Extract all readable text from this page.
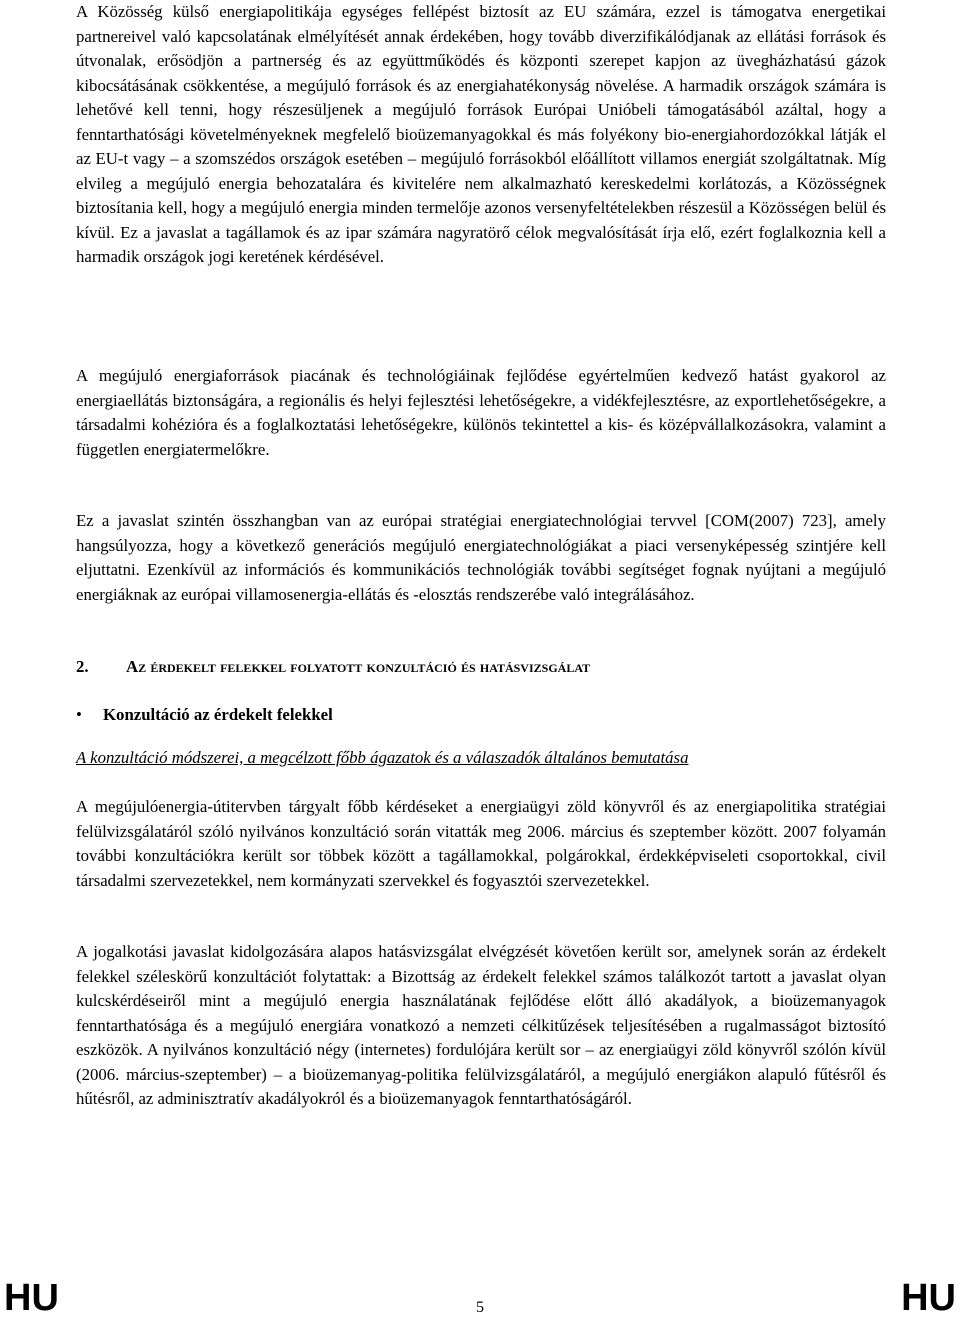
A Közösség külső energiapolitikája egységes fellépést biztosít az EU számára, ezzel is támogatva energetikai partnereivel való kapcsolatának elmélyítését annak érdekében, hogy tovább diverzifikálódjanak az ellátási források és útvonalak, erősödjön a partnerség és az együttműködés és központi szerepet kapjon az üvegházhatású gázok kibocsátásának csökkentése, a megújuló források és az energiahatékonyság növelése. A harmadik országok számára is lehetővé kell tenni, hogy részesüljenek a megújuló források Európai Unióbeli támogatásából azáltal, hogy a fenntarthatósági követelményeknek megfelelő bioüzemanyagokkal és más folyékony bio-energiahordozókkal látják el az EU-t vagy – a szomszédos országok esetében – megújuló forrásokból előállított villamos energiát szolgáltatnak. Míg elvileg a megújuló energia behozatalára és kivitelére nem alkalmazható kereskedelmi korlátozás, a Közösségnek biztosítania kell, hogy a megújuló energia minden termelője azonos versenyfeltételekben részesül a Közösségen belül és kívül. Ez a javaslat a tagállamok és az ipar számára nagyratörő célok megvalósítását írja elő, ezért foglalkoznia kell a harmadik országok jogi keretének kérdésével.

A megújuló energiaforrások piacának és technológiáinak fejlődése egyértelműen kedvező hatást gyakorol az energiaellátás biztonságára, a regionális és helyi fejlesztési lehetőségekre, a vidékfejlesztésre, az exportlehetőségekre, a társadalmi kohézióra és a foglalkoztatási lehetőségekre, különös tekintettel a kis- és középvállalkozásokra, valamint a független energiatermelőkre.

Ez a javaslat szintén összhangban van az európai stratégiai energiatechnológiai tervvel [COM(2007) 723], amely hangsúlyozza, hogy a következő generációs megújuló energiatechnológiákat a piaci versenyképesség szintjére kell eljuttatni. Ezenkívül az információs és kommunikációs technológiák további segítséget fognak nyújtani a megújuló energiáknak az európai villamosenergia-ellátás és -elosztás rendszerébe való integrálásához.

2. Az érdekelt felekkel folyatott konzultáció és hatásvizsgálat
• Konzultáció az érdekelt felekkel
A konzultáció módszerei, a megcélzott főbb ágazatok és a válaszadók általános bemutatása

A megújulóenergia-útitervben tárgyalt főbb kérdéseket a energiaügyi zöld könyvről és az energiapolitika stratégiai felülvizsgálatáról szóló nyilvános konzultáció során vitatták meg 2006. március és szeptember között. 2007 folyamán további konzultációkra került sor többek között a tagállamokkal, polgárokkal, érdekképviseleti csoportokkal, civil társadalmi szervezetekkel, nem kormányzati szervekkel és fogyasztói szervezetekkel.

A jogalkotási javaslat kidolgozására alapos hatásvizsgálat elvégzését követően került sor, amelynek során az érdekelt felekkel széleskörű konzultációt folytattak: a Bizottság az érdekelt felekkel számos találkozót tartott a javaslat olyan kulcskérdéseiről mint a megújuló energia használatának fejlődése előtt álló akadályok, a bioüzemanyagok fenntarthatósága és a megújuló energiára vonatkozó a nemzeti célkitűzések teljesítésében a rugalmasságot biztosító eszközök. A nyilvános konzultáció négy (internetes) fordulójára került sor – az energiaügyi zöld könyvről szólón kívül (2006. március-szeptember) – a bioüzemanyag-politika felülvizsgálatáról, a megújuló energiákon alapuló fűtésről és hűtésről, az adminisztratív akadályokról és a bioüzemanyagok fenntarthatóságáról.

HU	5	HU
